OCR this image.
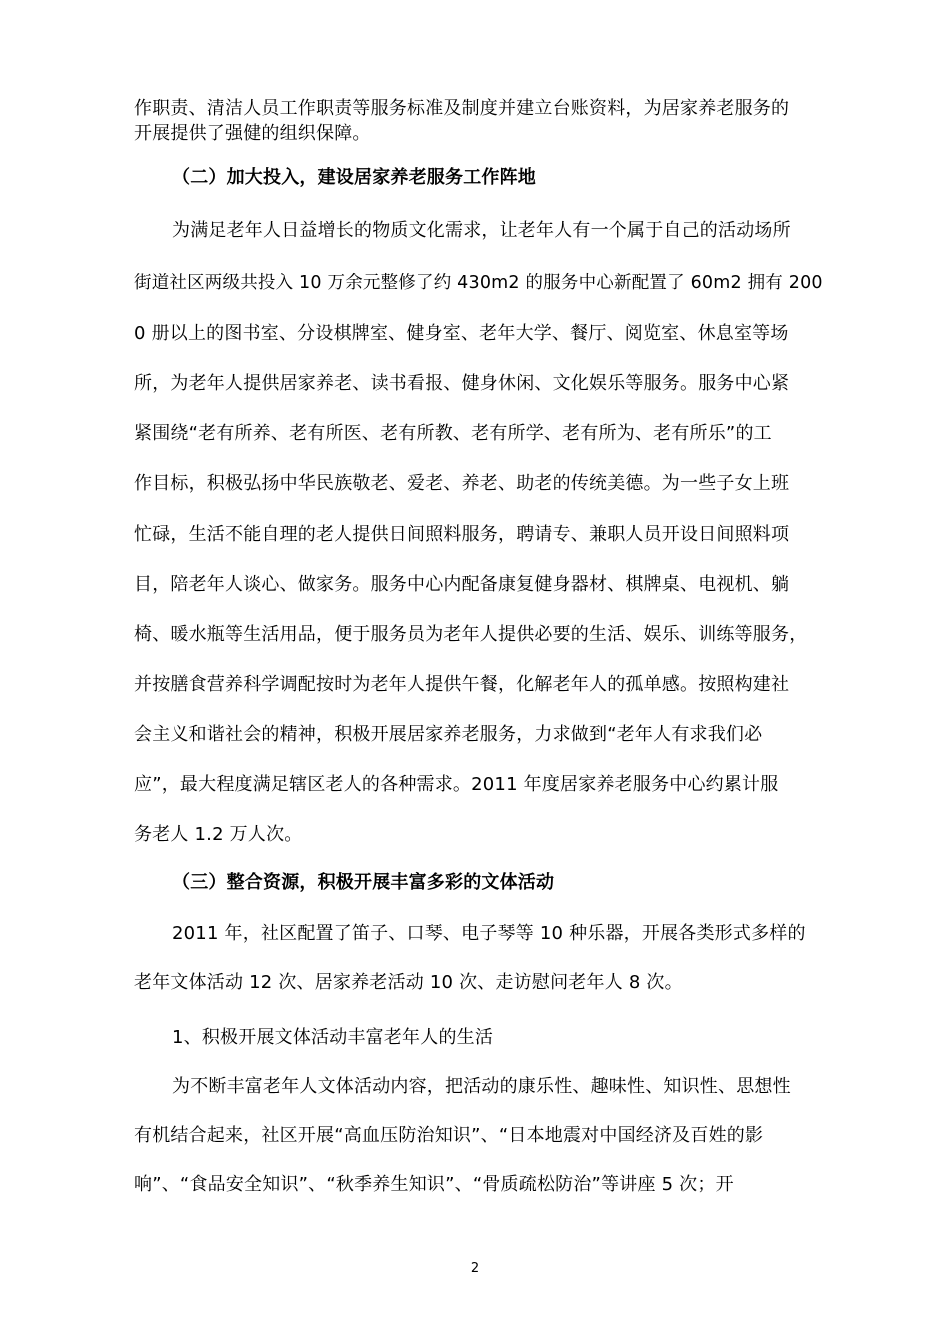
作职责、清洁人员工作职责等服务标准及制度并建立台账资料，为居家养老服务的
开展提供了强健的组织保障。
（二）加大投入，建设居家养老服务工作阵地
为满足老年人日益增长的物质文化需求，让老年人有一个属于自己的活动场所
街道社区两级共投入 10 万余元整修了约 430m2 的服务中心新配置了 60m2 拥有 200
0 册以上的图书室、分设棋牌室、健身室、老年大学、餐厅、阅览室、休息室等场
所，为老年人提供居家养老、读书看报、健身休闲、文化娱乐等服务。服务中心紧
紧围绕“老有所养、老有所医、老有所教、老有所学、老有所为、老有所乐”的工
作目标，积极弘扬中华民族敬老、爱老、养老、助老的传统美德。为一些子女上班
忙碌，生活不能自理的老人提供日间照料服务，聘请专、兼职人员开设日间照料项
目，陪老年人谈心、做家务。服务中心内配备康复健身器材、棋牌桌、电视机、躺
椅、暖水瓶等生活用品，便于服务员为老年人提供必要的生活、娱乐、训练等服务，
并按膳食营养科学调配按时为老年人提供午餐，化解老年人的孤单感。按照构建社
会主义和谐社会的精神，积极开展居家养老服务，力求做到“老年人有求我们必
应”，最大程度满足辖区老人的各种需求。2011 年度居家养老服务中心约累计服
务老人 1.2 万人次。
（三）整合资源，积极开展丰富多彩的文体活动
2011 年，社区配置了笛子、口琴、电子琴等 10 种乐器，开展各类形式多样的
老年文体活动 12 次、居家养老活动 10 次、走访慰问老年人 8 次。
1、积极开展文体活动丰富老年人的生活
为不断丰富老年人文体活动内容，把活动的康乐性、趣味性、知识性、思想性
有机结合起来，社区开展“高血压防治知识”、“日本地震对中国经济及百姓的影
响”、“食品安全知识”、“秋季养生知识”、“骨质疏松防治”等讲座 5 次；开
2
